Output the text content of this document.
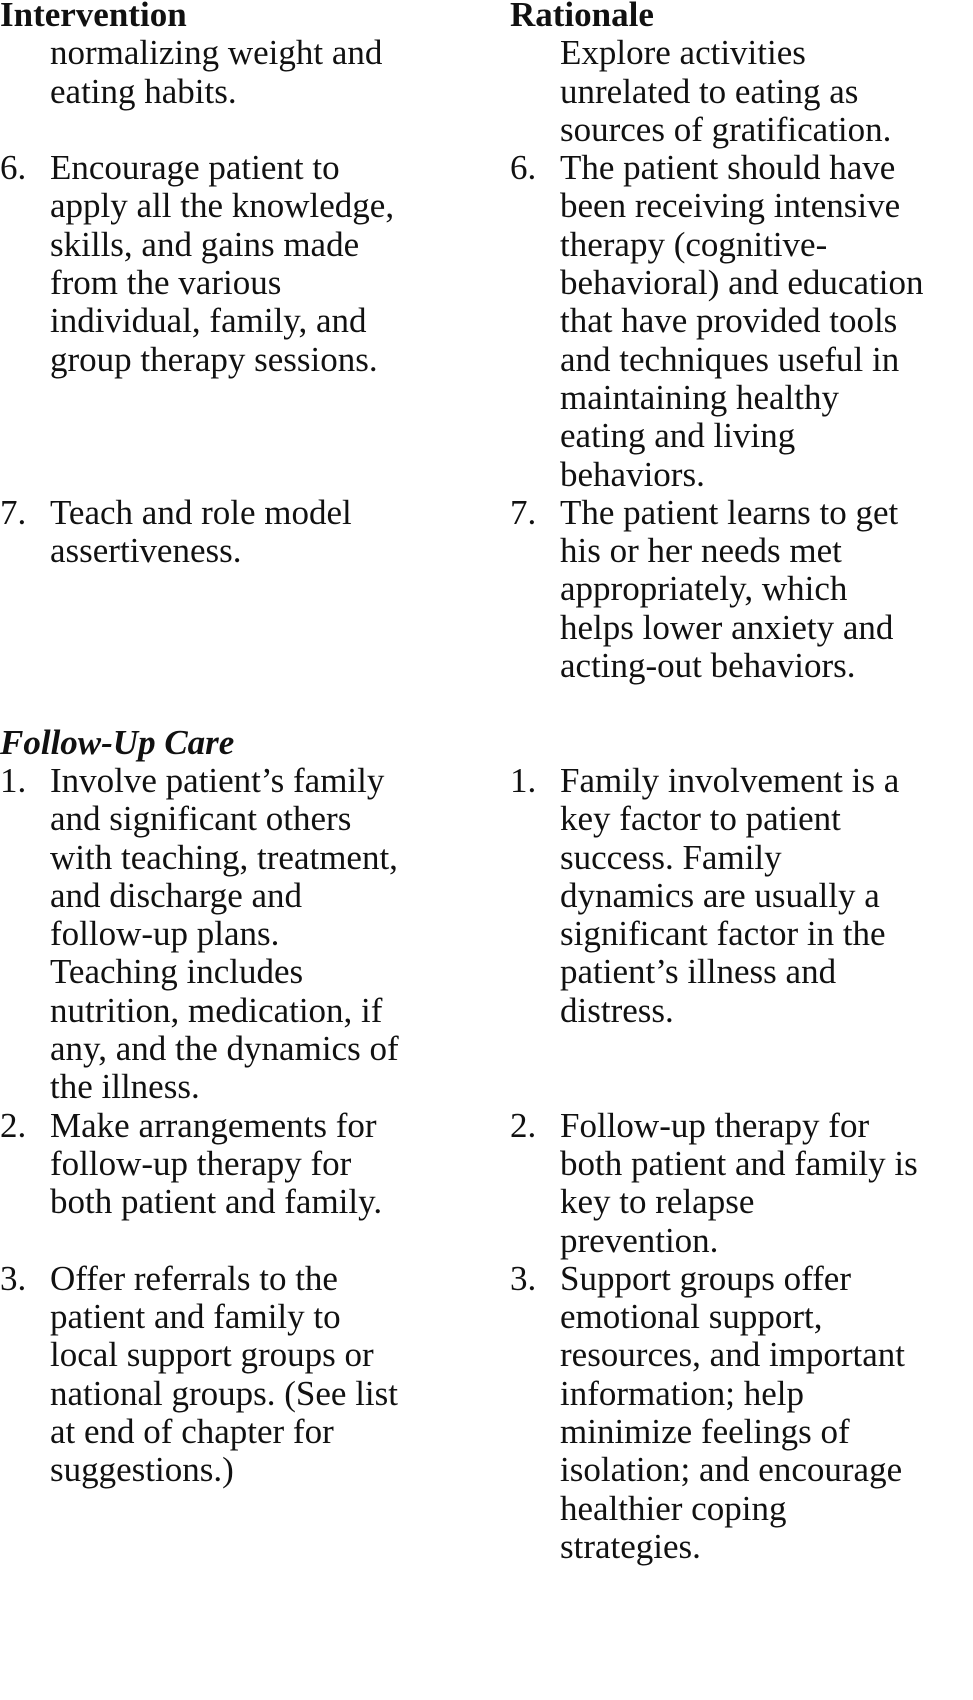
Intervention	Rationale
normalizing weight and
eating habits.
Explore activities
unrelated to eating as
sources of gratification.
6. Encourage patient to
apply all the knowledge,
skills, and gains made
from the various
individual, family, and
group therapy sessions.
6. The patient should have
been receiving intensive
therapy (cognitive-
behavioral) and education
that have provided tools
and techniques useful in
maintaining healthy
eating and living
behaviors.
7. Teach and role model
assertiveness.
7. The patient learns to get
his or her needs met
appropriately, which
helps lower anxiety and
acting-out behaviors.
Follow-Up Care
1. Involve patient’s family
and significant others
with teaching, treatment,
and discharge and
follow-up plans.
Teaching includes
nutrition, medication, if
any, and the dynamics of
the illness.
1. Family involvement is a
key factor to patient
success. Family
dynamics are usually a
significant factor in the
patient’s illness and
distress.
2. Make arrangements for
follow-up therapy for
both patient and family.
2. Follow-up therapy for
both patient and family is
key to relapse
prevention.
3. Offer referrals to the
patient and family to
local support groups or
national groups. (See list
at end of chapter for
suggestions.)
3. Support groups offer
emotional support,
resources, and important
information; help
minimize feelings of
isolation; and encourage
healthier coping
strategies.
